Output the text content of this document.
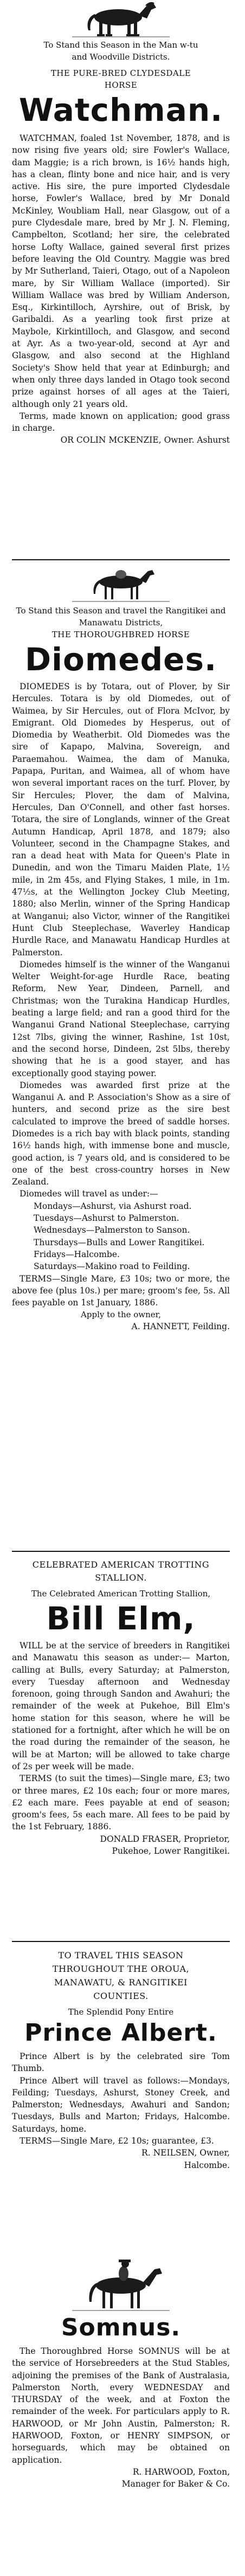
To Stand this Season in the Man w-tu
and Woodville Districts.
THE PURE-BRED CLYDESDALE
HORSE
Watchman.

WATCHMAN, foaled 1st November, 1878, and is now rising five years old; sire Fowler's Wallace, dam Maggie; is a rich brown, is 16½ hands high, has a clean, flinty bone and nice hair, and is very active. His sire, the pure imported Clydesdale horse, Fowler's Wallace, bred by Mr Donald McKinley, Woubliam Hall, near Glasgow, out of a pure Clydesdale mare, bred by Mr J. N. Fleming, Campbelton, Scotland; her sire, the celebrated horse Lofty Wallace, gained several first prizes before leaving the Old Country. Maggie was bred by Mr Sutherland, Taieri, Otago, out of a Napoleon mare, by Sir William Wallace (imported). Sir William Wallace was bred by William Anderson, Esq., Kirkintilloch, Ayrshire, out of Brisk, by Garibaldi. As a yearling took first prize at Maybole, Kirkintilloch, and Glasgow, and second at Ayr. As a two-year-old, second at Ayr and Glasgow, and also second at the Highland Society's Show held that year at Edinburgh; and when only three days landed in Otago took second prize against horses of all ages at the Taieri, although only 21 years old.

Terms, made known on application; good grass in charge.

OR COLIN MCKENZIE, Owner. Ashurst
To Stand this Season and travel the Rangitikei and Manawatu Districts,
THE THOROUGHBRED HORSE
Diomedes.

DIOMEDES is by Totara, out of Plover, by Sir Hercules. Totara is by old Diomedes, out of Waimea, by Sir Hercules, out of Flora McIvor, by Emigrant. Old Diomedes by Hesperus, out of Diomedia by Weatherbit. Old Diomedes was the sire of Kapapo, Malvina, Sovereign, and Paraemahou. Waimea, the dam of Manuka, Papapa, Puritan, and Waimea, all of whom have won several important races on the turf. Plover, by Sir Hercules; Plover, the dam of Malvina, Hercules, Dan O'Connell, and other fast horses. Totara, the sire of Longlands, winner of the Great Autumn Handicap, April 1878, and 1879; also Volunteer, second in the Champagne Stakes, and ran a dead heat with Mata for Queen's Plate in Dunedin, and won the Timaru Maiden Plate, 1½ mile, in 2m 45s, and Flying Stakes, 1 mile, in 1m. 47½s, at the Wellington Jockey Club Meeting, 1880; also Merlin, winner of the Spring Handicap at Wanganui; also Victor, winner of the Rangitikei Hunt Club Steeplechase, Waverley Handicap Hurdle Race, and Manawatu Handicap Hurdles at Palmerston.

Diomedes himself is the winner of the Wanganui Welter Weight-for-age Hurdle Race, beating Reform, New Year, Dindeen, Parnell, and Christmas; won the Turakina Handicap Hurdles, beating a large field; and ran a good third for the Wanganui Grand National Steeplechase, carrying 12st 7lbs, giving the winner, Rashine, 1st 10st, and the second horse, Dindeen, 2st 5lbs, thereby showing that he is a good stayer, and has exceptionally good staying power.

Diomedes was awarded first prize at the Wanganui A. and P. Association's Show as a sire of hunters, and second prize as the sire best calculated to improve the breed of saddle horses. Diomedes is a rich bay with black points, standing 16½ hands high, with immense bone and muscle, good action, is 7 years old, and is considered to be one of the best cross-country horses in New Zealand.

Diomedes will travel as under:—

Mondays—Ashurst, via Ashurst road.
Tuesdays—Ashurst to Palmerston.
Wednesdays—Palmerston to Sanson.
Thursdays—Bulls and Lower Rangitikei.
Fridays—Halcombe.
Saturdays—Makino road to Feilding.

TERMS—Single Mare, £3 10s; two or more, the above fee (plus 10s.) per mare; groom's fee, 5s. All fees payable on 1st January, 1886.

Apply to the owner,
A. HANNETT, Feilding.
CELEBRATED AMERICAN TROTTING STALLION.
The Celebrated American Trotting Stallion,
Bill Elm,

WILL be at the service of breeders in Rangitikei and Manawatu this season as under:— Marton, calling at Bulls, every Saturday; at Palmerston, every Tuesday afternoon and Wednesday forenoon, going through Sandon and Awahuri; the remainder of the week at Pukehoe, Bill Elm's home station for this season, where he will be stationed for a fortnight, after which he will be on the road during the remainder of the season, he will be at Marton; will be allowed to take charge of 2s per week will be made.

TERMS (to suit the times)—Single mare, £3; two or three mares, £2 10s each; four or more mares, £2 each mare. Fees payable at end of season; groom's fees, 5s each mare. All fees to be paid by the 1st February, 1886.

DONALD FRASER, Proprietor,
Pukehoe, Lower Rangitikei.
TO TRAVEL THIS SEASON
THROUGHOUT THE OROUA,
MANAWATU, & RANGITIKEI
COUNTIES.
The Splendid Pony Entire
Prince Albert.

Prince Albert is by the celebrated sire Tom Thumb.

Prince Albert will travel as follows:—Mondays, Feilding; Tuesdays, Ashurst, Stoney Creek, and Palmerston; Wednesdays, Awahuri and Sandon; Tuesdays, Bulls and Marton; Fridays, Halcombe. Saturdays, home.

TERMS—Single Mare, £2 10s; guarantee, £3.

R. NEILSEN, Owner,
Halcombe.
Somnus.

The Thoroughbred Horse SOMNUS will be at the service of Horsebreeders at the Stud Stables, adjoining the premises of the Bank of Australasia, Palmerston North, every WEDNESDAY and THURSDAY of the week, and at Foxton the remainder of the week. For particulars apply to R. HARWOOD, or Mr John Austin, Palmerston; R. HARWOOD, Foxton, or HENRY SIMPSON, or horseguards, which may be obtained on application.

R. HARWOOD, Foxton,
Manager for Baker & Co.
